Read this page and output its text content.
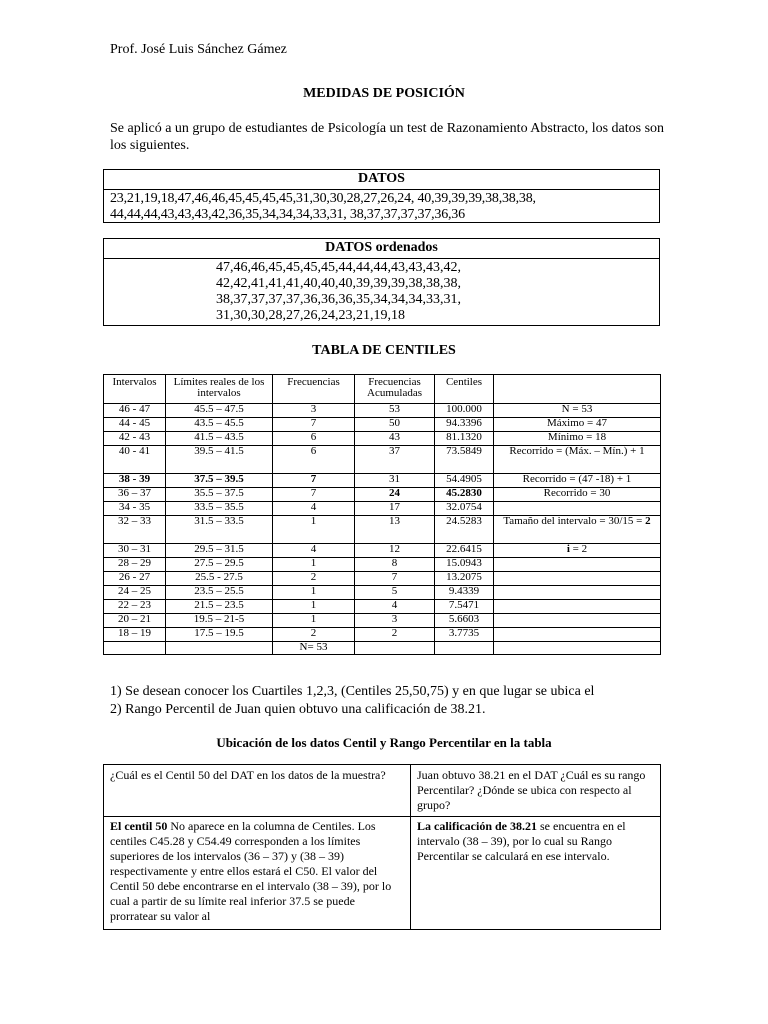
Prof. José Luis Sánchez Gámez
MEDIDAS DE POSICIÓN
Se aplicó a un grupo de estudiantes de Psicología un test de Razonamiento Abstracto, los datos son los siguientes.
DATOS
23,21,19,18,47,46,46,45,45,45,45,31,30,30,28,27,26,24, 40,39,39,39,38,38,38,
44,44,44,43,43,43,42,36,35,34,34,34,33,31, 38,37,37,37,37,36,36
DATOS ordenados
47,46,46,45,45,45,45,44,44,44,43,43,43,42,
42,42,41,41,41,40,40,40,39,39,39,38,38,38,
38,37,37,37,37,36,36,36,35,34,34,34,33,31,
31,30,30,28,27,26,24,23,21,19,18
TABLA DE CENTILES
Intervalos	Límites reales de los intervalos	Frecuencias	Frecuencias Acumuladas	Centiles	
46 - 47	45.5 – 47.5	3	53	100.000	N = 53
44 - 45	43.5 – 45.5	7	50	94.3396	Máximo = 47
42 - 43	41.5 – 43.5	6	43	81.1320	Mínimo = 18
40 - 41	39.5 – 41.5	6	37	73.5849	Recorrido = (Máx. – Mín.) + 1
38 - 39	37.5 – 39.5	7	31	54.4905	Recorrido = (47 -18) + 1
36 – 37	35.5 – 37.5	7	24	45.2830	Recorrido = 30
34 - 35	33.5 – 35.5	4	17	32.0754	
32 – 33	31.5 – 33.5	1	13	24.5283	Tamaño del intervalo = 30/15 = 2
30 – 31	29.5 – 31.5	4	12	22.6415	i = 2
28 – 29	27.5 – 29.5	1	8	15.0943	
26 - 27	25.5 - 27.5	2	7	13.2075	
24 – 25	23.5 – 25.5	1	5	9.4339	
22 – 23	21.5 – 23.5	1	4	7.5471	
20 – 21	19.5 – 21-5	1	3	5.6603	
18 – 19	17.5 – 19.5	2	2	3.7735	
		N= 53			
1) Se desean conocer los Cuartiles 1,2,3, (Centiles 25,50,75) y en que lugar se ubica el
2) Rango Percentil de Juan quien obtuvo una calificación de 38.21.
Ubicación de los datos Centil y Rango Percentilar en la tabla
¿Cuál es el Centil 50 del DAT en los datos de la muestra?	Juan obtuvo 38.21 en el DAT ¿Cuál es su rango Percentilar? ¿Dónde se ubica con respecto al grupo?
El centil 50 No aparece en la columna de Centiles. Los centiles C45.28 y C54.49 corresponden a los límites superiores de los intervalos (36 – 37) y (38 – 39) respectivamente y entre ellos estará el C50. El valor del Centil 50 debe encontrarse en el intervalo (38 – 39), por lo cual a partir de su límite real inferior 37.5 se puede prorratear su valor al	La calificación de 38.21 se encuentra en el intervalo (38 – 39), por lo cual su Rango Percentilar se calculará en ese intervalo.
